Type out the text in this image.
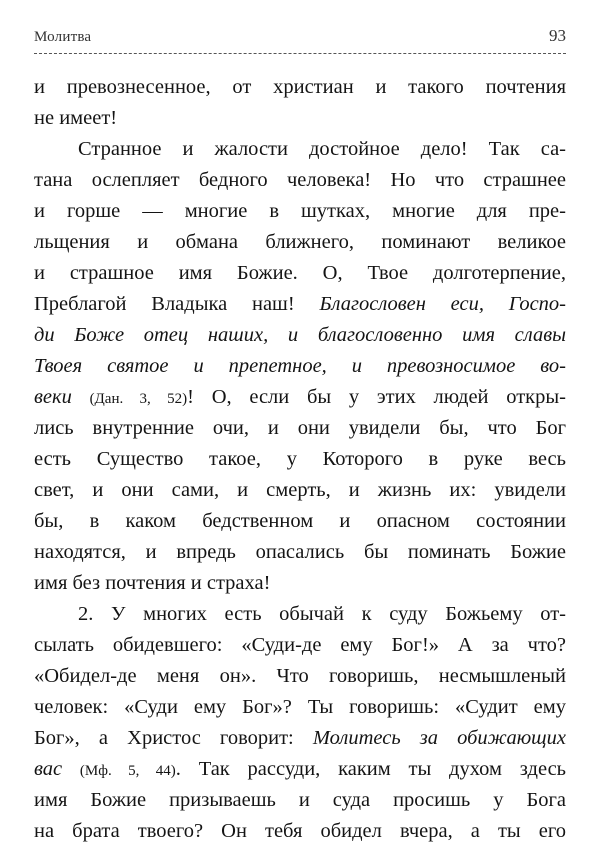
Молитва	93
и превознесенное, от христиан и такого почтения
не имеет!
Странное и жалости достойное дело! Так са-
тана ослепляет бедного человека! Но что страшнее
и горше — многие в шутках, многие для пре-
льщения и обмана ближнего, поминают великое
и страшное имя Божие. О, Твое долготерпение,
Преблагой Владыка наш! Благословен еси, Госпо-
ди Боже отец наших, и благословенно имя славы
Твоея святое и препетное, и превозносимое во-
веки (Дан. 3, 52)! О, если бы у этих людей откры-
лись внутренние очи, и они увидели бы, что Бог
есть Существо такое, у Которого в руке весь
свет, и они сами, и смерть, и жизнь их: увидели
бы, в каком бедственном и опасном состоянии
находятся, и впредь опасались бы поминать Божие
имя без почтения и страха!
2. У многих есть обычай к суду Божьему от-
сылать обидевшего: «Суди-де ему Бог!» А за что?
«Обидел-де меня он». Что говоришь, несмышленый
человек: «Суди ему Бог»? Ты говоришь: «Судит ему
Бог», а Христос говорит: Молитесь за обижающих
вас (Мф. 5, 44). Так рассуди, каким ты духом здесь
имя Божие призываешь и суда просишь у Бога
на брата твоего? Он тебя обидел вчера, а ты его
